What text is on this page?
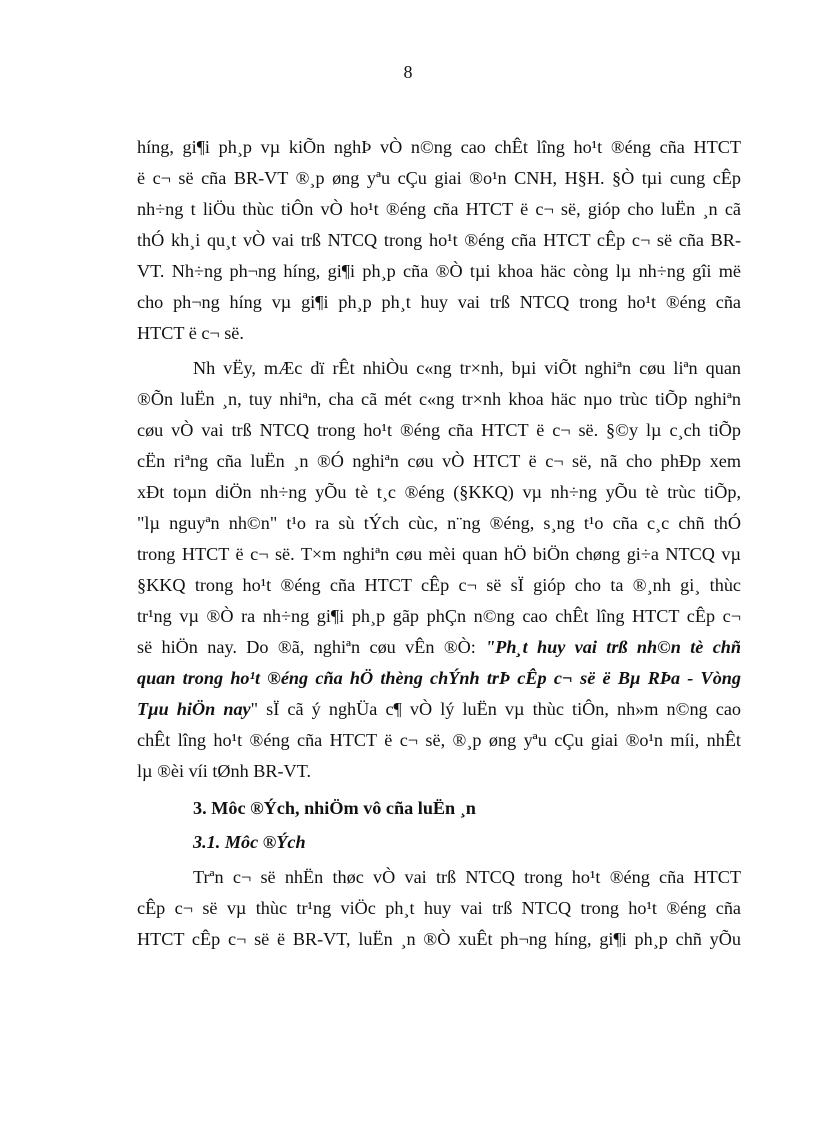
8
híng, gi¶i ph¸p vµ kiÕn nghÞ vÒ n©ng cao chÊt lîng ho¹t ®éng cña HTCT
ë c¬ së cña BR-VT ®¸p øng yªu cÇu giai ®o¹n CNH, H§H. §Ò tµi cung cÊp
nh÷ng t liÖu thùc tiÔn vÒ ho¹t ®éng cña HTCT ë c¬ së, gióp cho luËn ¸n cã
thÓ kh¸i qu¸t vÒ vai trß NTCQ trong ho¹t ®éng cña HTCT cÊp c¬ së cña BR-
VT. Nh÷ng ph¬ng híng, gi¶i ph¸p cña ®Ò tµi khoa häc còng lµ nh÷ng gîi më
cho ph¬ng híng vµ gi¶i ph¸p ph¸t huy vai trß NTCQ trong ho¹t ®éng cña
HTCT ë c¬ së.
Nh vËy, mÆc dï rÊt nhiÒu c«ng tr×nh, bµi viÕt nghiªn cøu liªn quan
®Õn luËn ¸n, tuy nhiªn, cha cã mét c«ng tr×nh khoa häc nµo trùc tiÕp nghiªn
cøu vÒ vai trß NTCQ trong ho¹t ®éng cña HTCT ë c¬ së. §©y lµ c¸ch tiÕp
cËn riªng cña luËn ¸n ®Ó nghiªn cøu vÒ HTCT ë c¬ së, nã cho phÐp xem
xÐt toµn diÖn nh÷ng yÕu tè t¸c ®éng (§KKQ) vµ nh÷ng yÕu tè trùc tiÕp,
"lµ nguyªn nh©n" t¹o ra sù tÝch cùc, n¨ng ®éng, s¸ng t¹o cña c¸c chñ thÓ
trong HTCT ë c¬ së. T×m nghiªn cøu mèi quan hÖ biÖn chøng gi÷a NTCQ vµ
§KKQ trong ho¹t ®éng cña HTCT cÊp c¬ së sÏ gióp cho ta ®¸nh gi¸ thùc
tr¹ng vµ ®Ò ra nh÷ng gi¶i ph¸p gãp phÇn n©ng cao chÊt lîng HTCT cÊp c¬
së hiÖn nay. Do ®ã, nghiªn cøu vÊn ®Ò: "Ph¸t huy vai trß nh©n tè chñ
quan trong ho¹t ®éng cña hÖ thèng chÝnh trÞ cÊp c¬ së ë Bµ RÞa - Vòng
Tµu hiÖn nay" sÏ cã ý nghÜa c¶ vÒ lý luËn vµ thùc tiÔn, nh»m n©ng cao
chÊt lîng ho¹t ®éng cña HTCT ë c¬ së, ®¸p øng yªu cÇu giai ®o¹n míi, nhÊt
lµ ®èi víi tØnh BR-VT.
3. Môc ®Ých, nhiÖm vô cña luËn ¸n
3.1. Môc ®Ých
Trªn c¬ së nhËn thøc vÒ vai trß NTCQ trong ho¹t ®éng cña HTCT
cÊp c¬ së vµ thùc tr¹ng viÖc ph¸t huy vai trß NTCQ trong ho¹t ®éng cña
HTCT cÊp c¬ së ë BR-VT, luËn ¸n ®Ò xuÊt ph¬ng híng, gi¶i ph¸p chñ yÕu
